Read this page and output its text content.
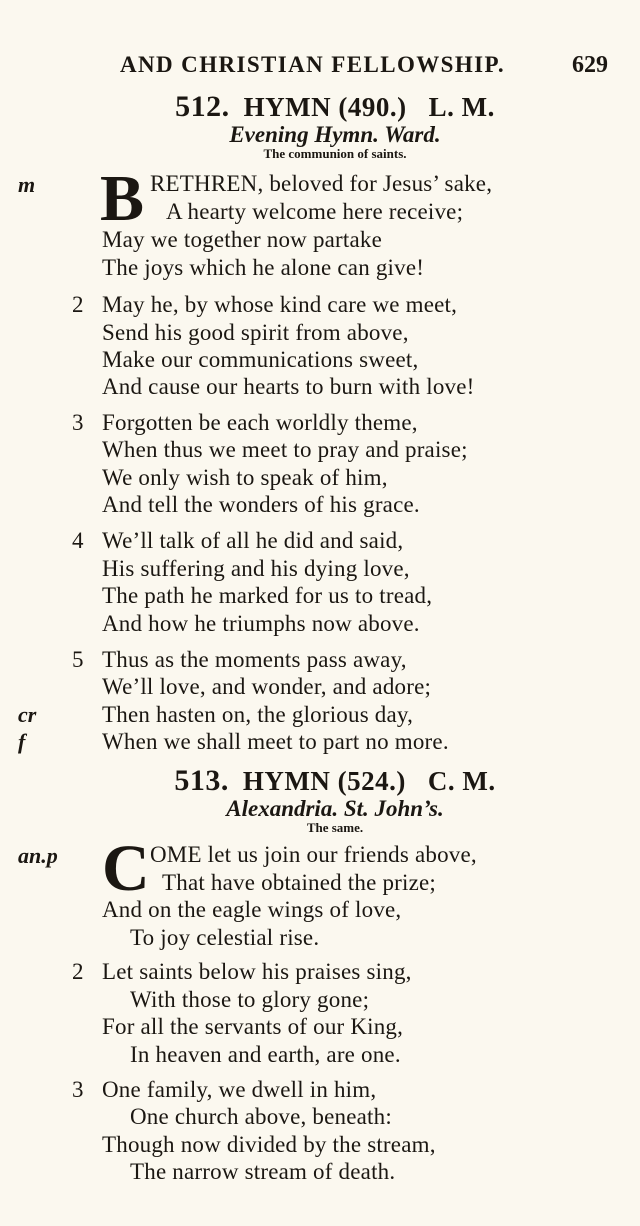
AND CHRISTIAN FELLOWSHIP.	629
512. HYMN (490.) L. M.
Evening Hymn. Ward.
The communion of saints.
m B RETHREN, beloved for Jesus’ sake,
A hearty welcome here receive;
May we together now partake
The joys which he alone can give!
2 May he, by whose kind care we meet,
Send his good spirit from above,
Make our communications sweet,
And cause our hearts to burn with love!
3 Forgotten be each worldly theme,
When thus we meet to pray and praise;
We only wish to speak of him,
And tell the wonders of his grace.
4 We’ll talk of all he did and said,
His suffering and his dying love,
The path he marked for us to tread,
And how he triumphs now above.
5 Thus as the moments pass away,
We’ll love, and wonder, and adore;
cr	Then hasten on, the glorious day,
f	When we shall meet to part no more.
513. HYMN (524.) C. M.
Alexandria. St. John’s.
The same.
an.p C OME let us join our friends above,
That have obtained the prize;
And on the eagle wings of love,
To joy celestial rise.
2 Let saints below his praises sing,
With those to glory gone;
For all the servants of our King,
In heaven and earth, are one.
3 One family, we dwell in him,
One church above, beneath:
Though now divided by the stream,
The narrow stream of death.
